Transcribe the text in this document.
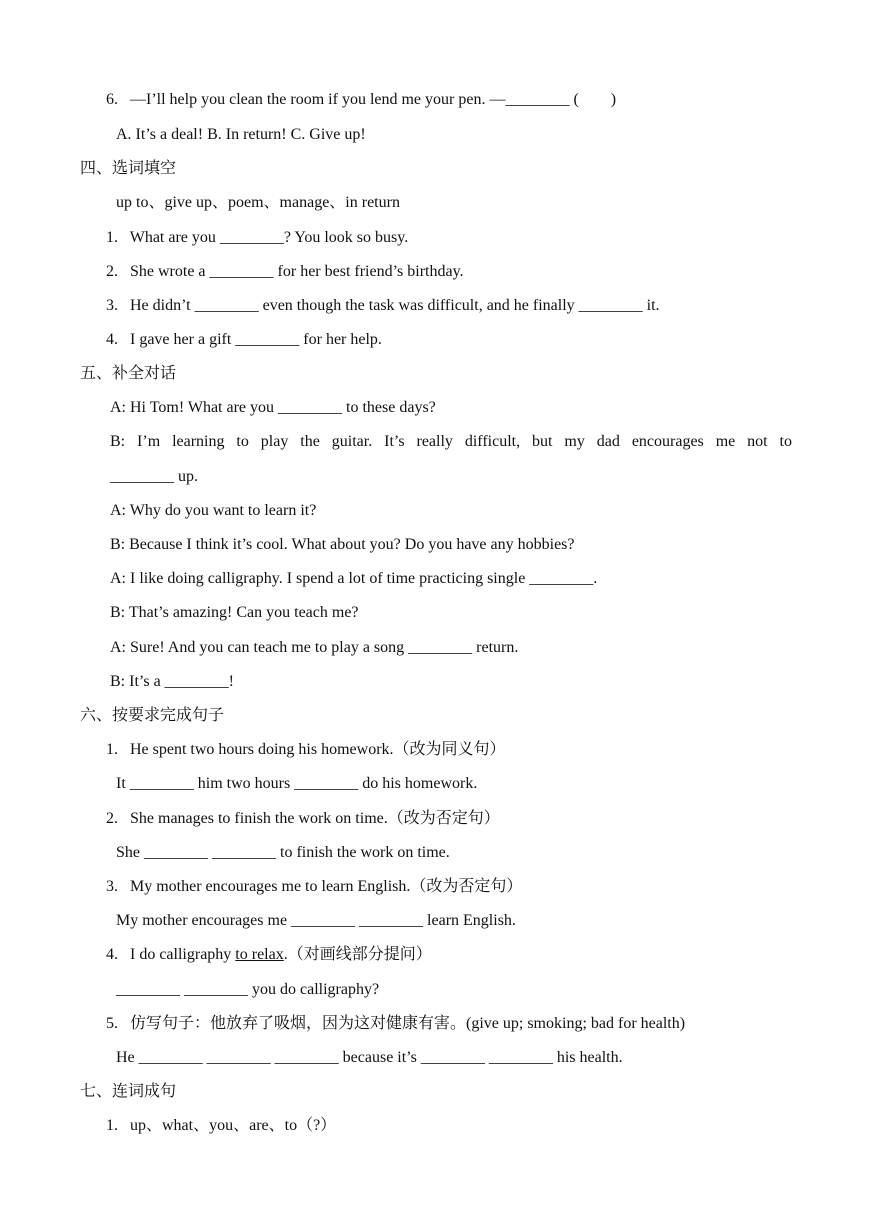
6.   —I’ll help you clean the room if you lend me your pen. —________ (        )
A. It’s a deal! B. In return! C. Give up!
四、选词填空
up to、give up、poem、manage、in return
1.   What are you ________? You look so busy.
2.   She wrote a ________ for her best friend’s birthday.
3.   He didn’t ________ even though the task was difficult, and he finally ________ it.
4.   I gave her a gift ________ for her help.
五、补全对话
A: Hi Tom! What are you ________ to these days?
B: I’m learning to play the guitar. It’s really difficult, but my dad encourages me not to
________ up.
A: Why do you want to learn it?
B: Because I think it’s cool. What about you? Do you have any hobbies?
A: I like doing calligraphy. I spend a lot of time practicing single ________.
B: That’s amazing! Can you teach me?
A: Sure! And you can teach me to play a song ________ return.
B: It’s a ________!
六、按要求完成句子
1.   He spent two hours doing his homework.（改为同义句）
It ________ him two hours ________ do his homework.
2.   She manages to finish the work on time.（改为否定句）
She ________ ________ to finish the work on time.
3.   My mother encourages me to learn English.（改为否定句）
My mother encourages me ________ ________ learn English.
4.   I do calligraphy to relax.（对画线部分提问）
________ ________ you do calligraphy?
5.   仿写句子：他放弃了吸烟，因为这对健康有害。(give up; smoking; bad for health)
He ________ ________ ________ because it’s ________ ________ his health.
七、连词成句
1.   up、what、you、are、to（?）
